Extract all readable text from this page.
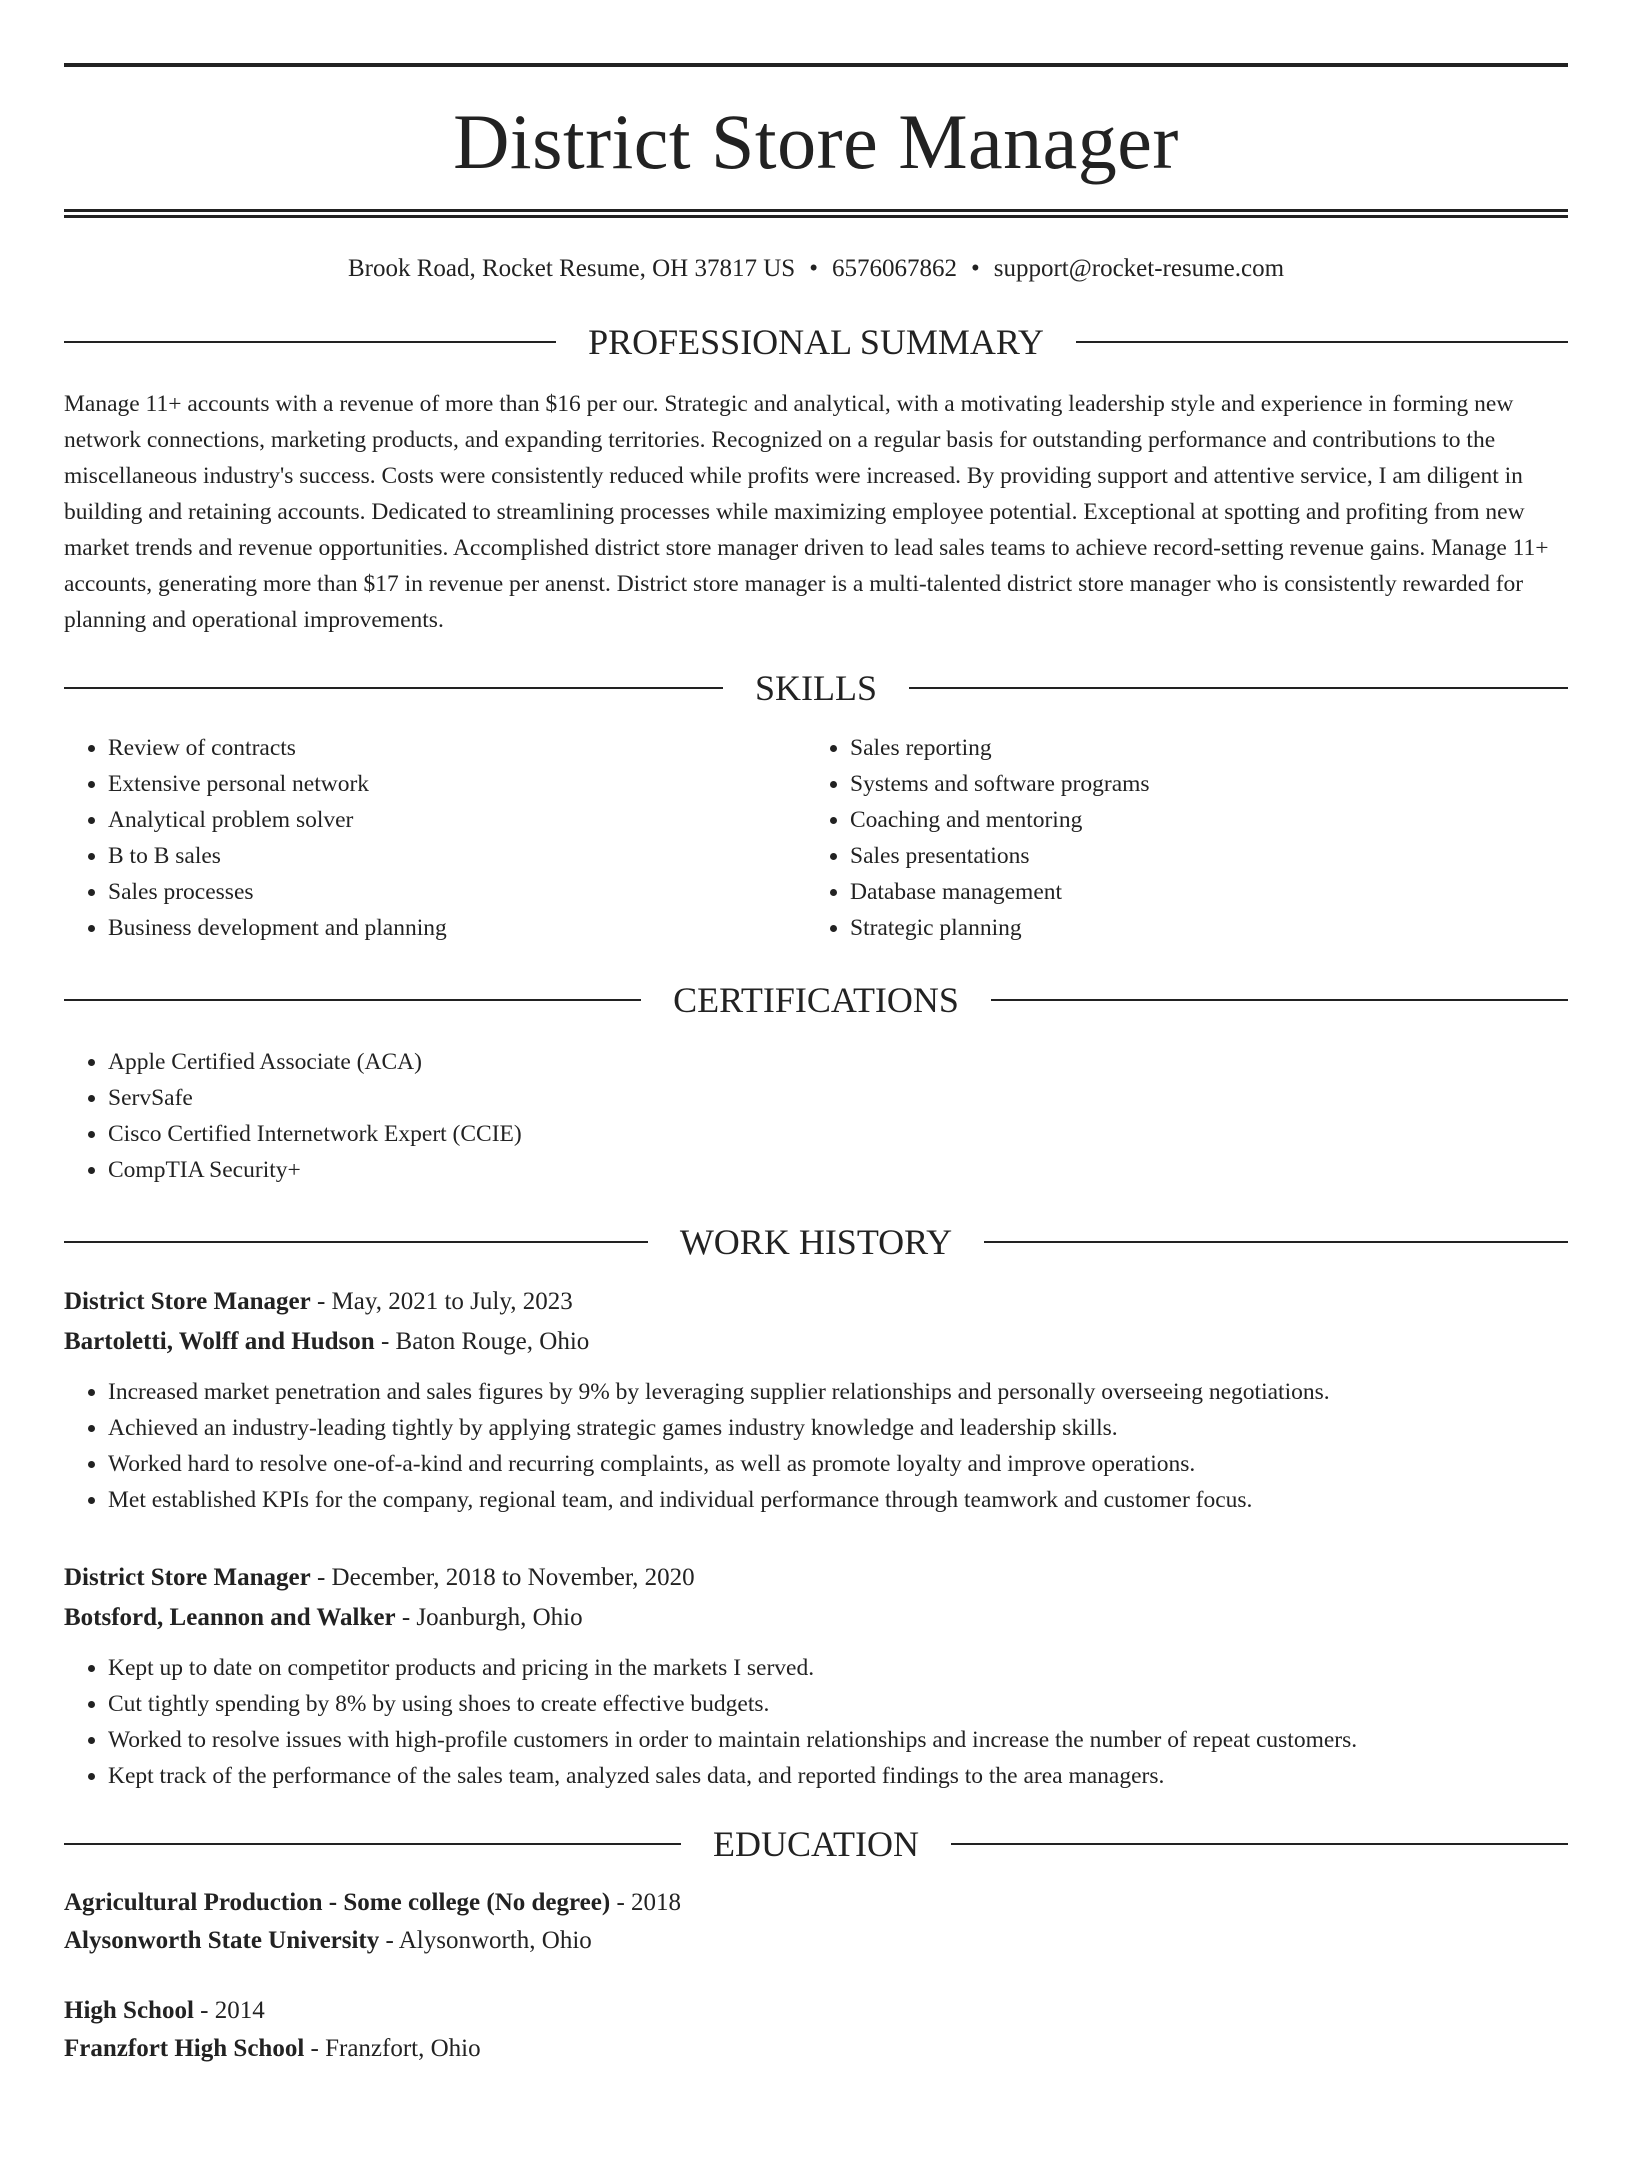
District Store Manager
Brook Road, Rocket Resume, OH 37817 US • 6576067862 • support@rocket-resume.com
PROFESSIONAL SUMMARY

Manage 11+ accounts with a revenue of more than $16 per our. Strategic and analytical, with a motivating leadership style and experience in forming new network connections, marketing products, and expanding territories. Recognized on a regular basis for outstanding performance and contributions to the miscellaneous industry's success. Costs were consistently reduced while profits were increased. By providing support and attentive service, I am diligent in building and retaining accounts. Dedicated to streamlining processes while maximizing employee potential. Exceptional at spotting and profiting from new market trends and revenue opportunities. Accomplished district store manager driven to lead sales teams to achieve record-setting revenue gains. Manage 11+ accounts, generating more than $17 in revenue per anenst. District store manager is a multi-talented district store manager who is consistently rewarded for planning and operational improvements.

SKILLS
• Review of contracts
• Extensive personal network
• Analytical problem solver
• B to B sales
• Sales processes
• Business development and planning
• Sales reporting
• Systems and software programs
• Coaching and mentoring
• Sales presentations
• Database management
• Strategic planning
CERTIFICATIONS
• Apple Certified Associate (ACA)
• ServSafe
• Cisco Certified Internetwork Expert (CCIE)
• CompTIA Security+
WORK HISTORY
District Store Manager - May, 2021 to July, 2023
Bartoletti, Wolff and Hudson - Baton Rouge, Ohio
• Increased market penetration and sales figures by 9% by leveraging supplier relationships and personally overseeing negotiations.
• Achieved an industry-leading tightly by applying strategic games industry knowledge and leadership skills.
• Worked hard to resolve one-of-a-kind and recurring complaints, as well as promote loyalty and improve operations.
• Met established KPIs for the company, regional team, and individual performance through teamwork and customer focus.
District Store Manager - December, 2018 to November, 2020
Botsford, Leannon and Walker - Joanburgh, Ohio
• Kept up to date on competitor products and pricing in the markets I served.
• Cut tightly spending by 8% by using shoes to create effective budgets.
• Worked to resolve issues with high-profile customers in order to maintain relationships and increase the number of repeat customers.
• Kept track of the performance of the sales team, analyzed sales data, and reported findings to the area managers.
EDUCATION
Agricultural Production - Some college (No degree) - 2018
Alysonworth State University - Alysonworth, Ohio
High School - 2014
Franzfort High School - Franzfort, Ohio
